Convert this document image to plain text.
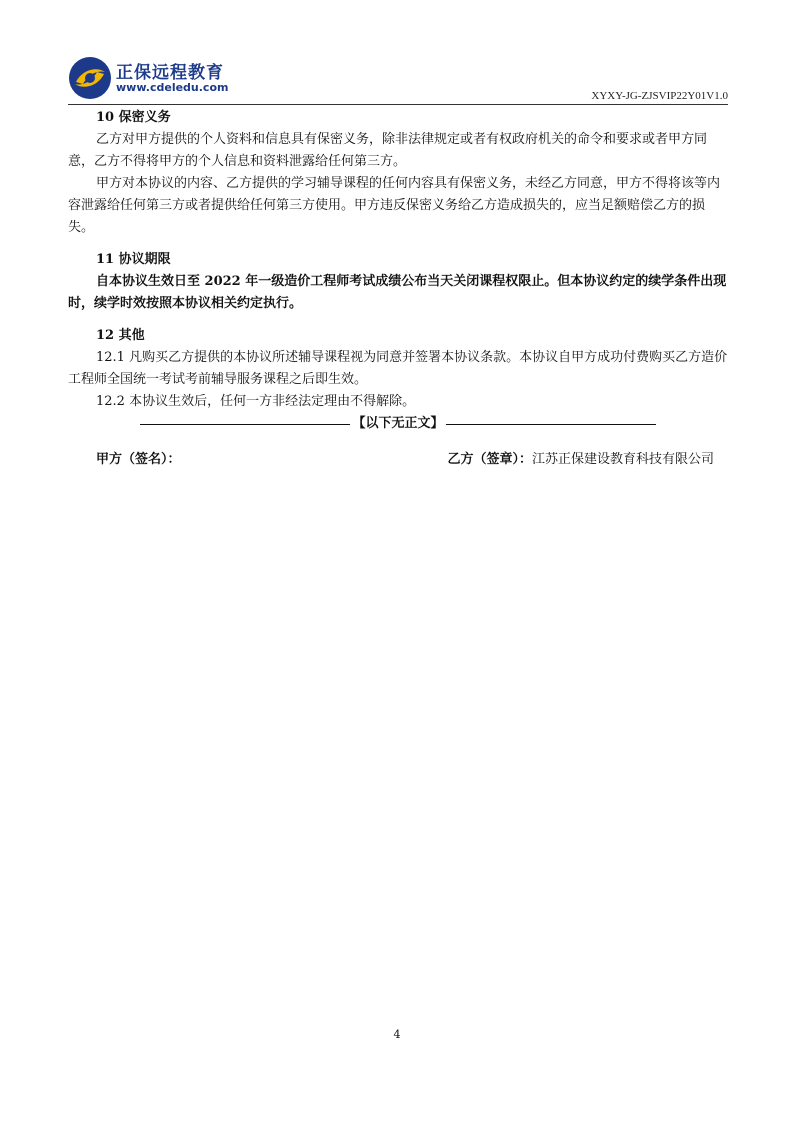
正保远程教育
www.cdeledu.com
XYXY-JG-ZJSVIP22Y01V1.0

10 保密义务

乙方对甲方提供的个人资料和信息具有保密义务，除非法律规定或者有权政府机关的命令和要求或者甲方同意，乙方不得将甲方的个人信息和资料泄露给任何第三方。

甲方对本协议的内容、乙方提供的学习辅导课程的任何内容具有保密义务，未经乙方同意，甲方不得将该等内容泄露给任何第三方或者提供给任何第三方使用。甲方违反保密义务给乙方造成损失的，应当足额赔偿乙方的损失。

11 协议期限

自本协议生效日至 2022 年一级造价工程师考试成绩公布当天关闭课程权限止。但本协议约定的续学条件出现时，续学时效按照本协议相关约定执行。

12 其他

12.1 凡购买乙方提供的本协议所述辅导课程视为同意并签署本协议条款。本协议自甲方成功付费购买乙方造价工程师全国统一考试考前辅导服务课程之后即生效。

12.2 本协议生效后，任何一方非经法定理由不得解除。

【以下无正文】
甲方（签名）：	乙方（签章）：江苏正保建设教育科技有限公司
4
